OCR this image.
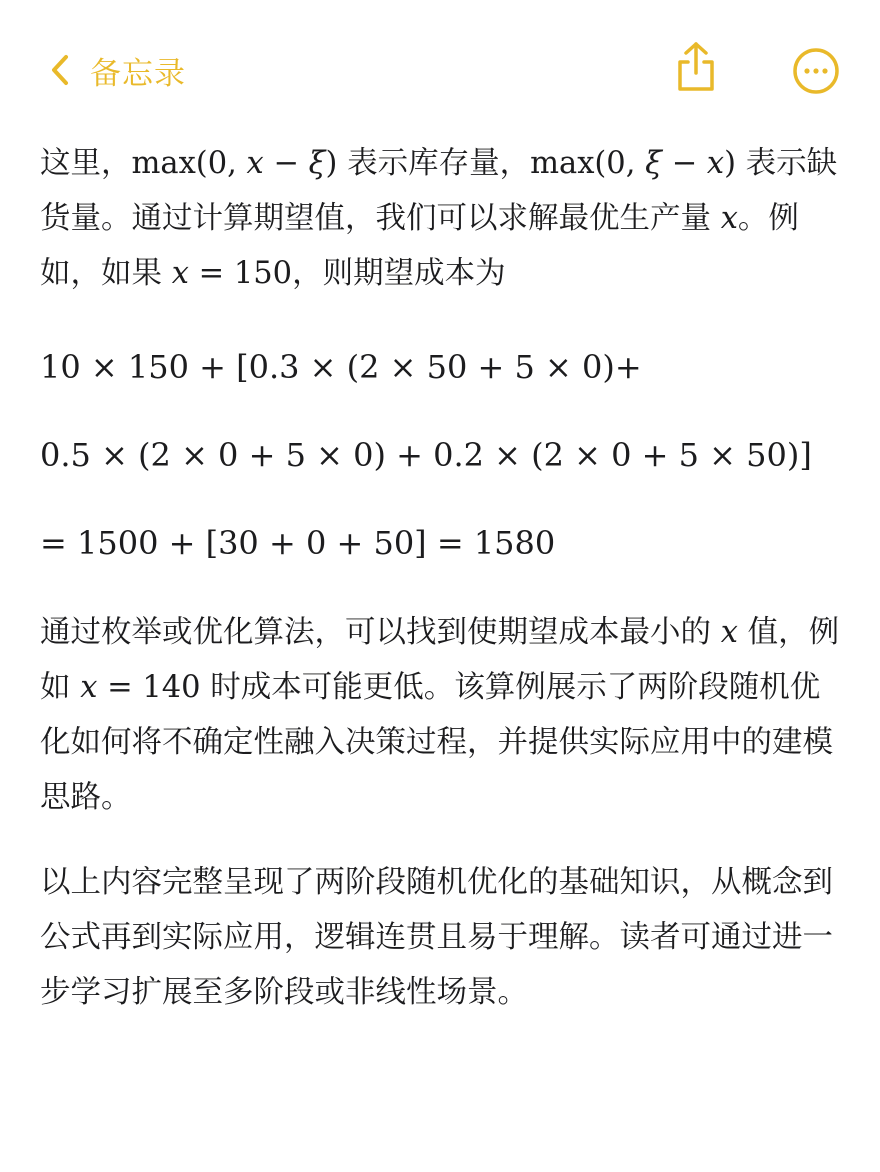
备忘录

这里，max(0, x − ξ) 表示库存量，max(0, ξ − x) 表示缺货量。通过计算期望值，我们可以求解最优生产量 x。例如，如果 x = 150，则期望成本为

10 × 150 + [0.3 × (2 × 50 + 5 × 0)+
0.5 × (2 × 0 + 5 × 0) + 0.2 × (2 × 0 + 5 × 50)]
= 1500 + [30 + 0 + 50] = 1580

通过枚举或优化算法，可以找到使期望成本最小的 x 值，例如 x = 140 时成本可能更低。该算例展示了两阶段随机优化如何将不确定性融入决策过程，并提供实际应用中的建模思路。

以上内容完整呈现了两阶段随机优化的基础知识，从概念到公式再到实际应用，逻辑连贯且易于理解。读者可通过进一步学习扩展至多阶段或非线性场景。
